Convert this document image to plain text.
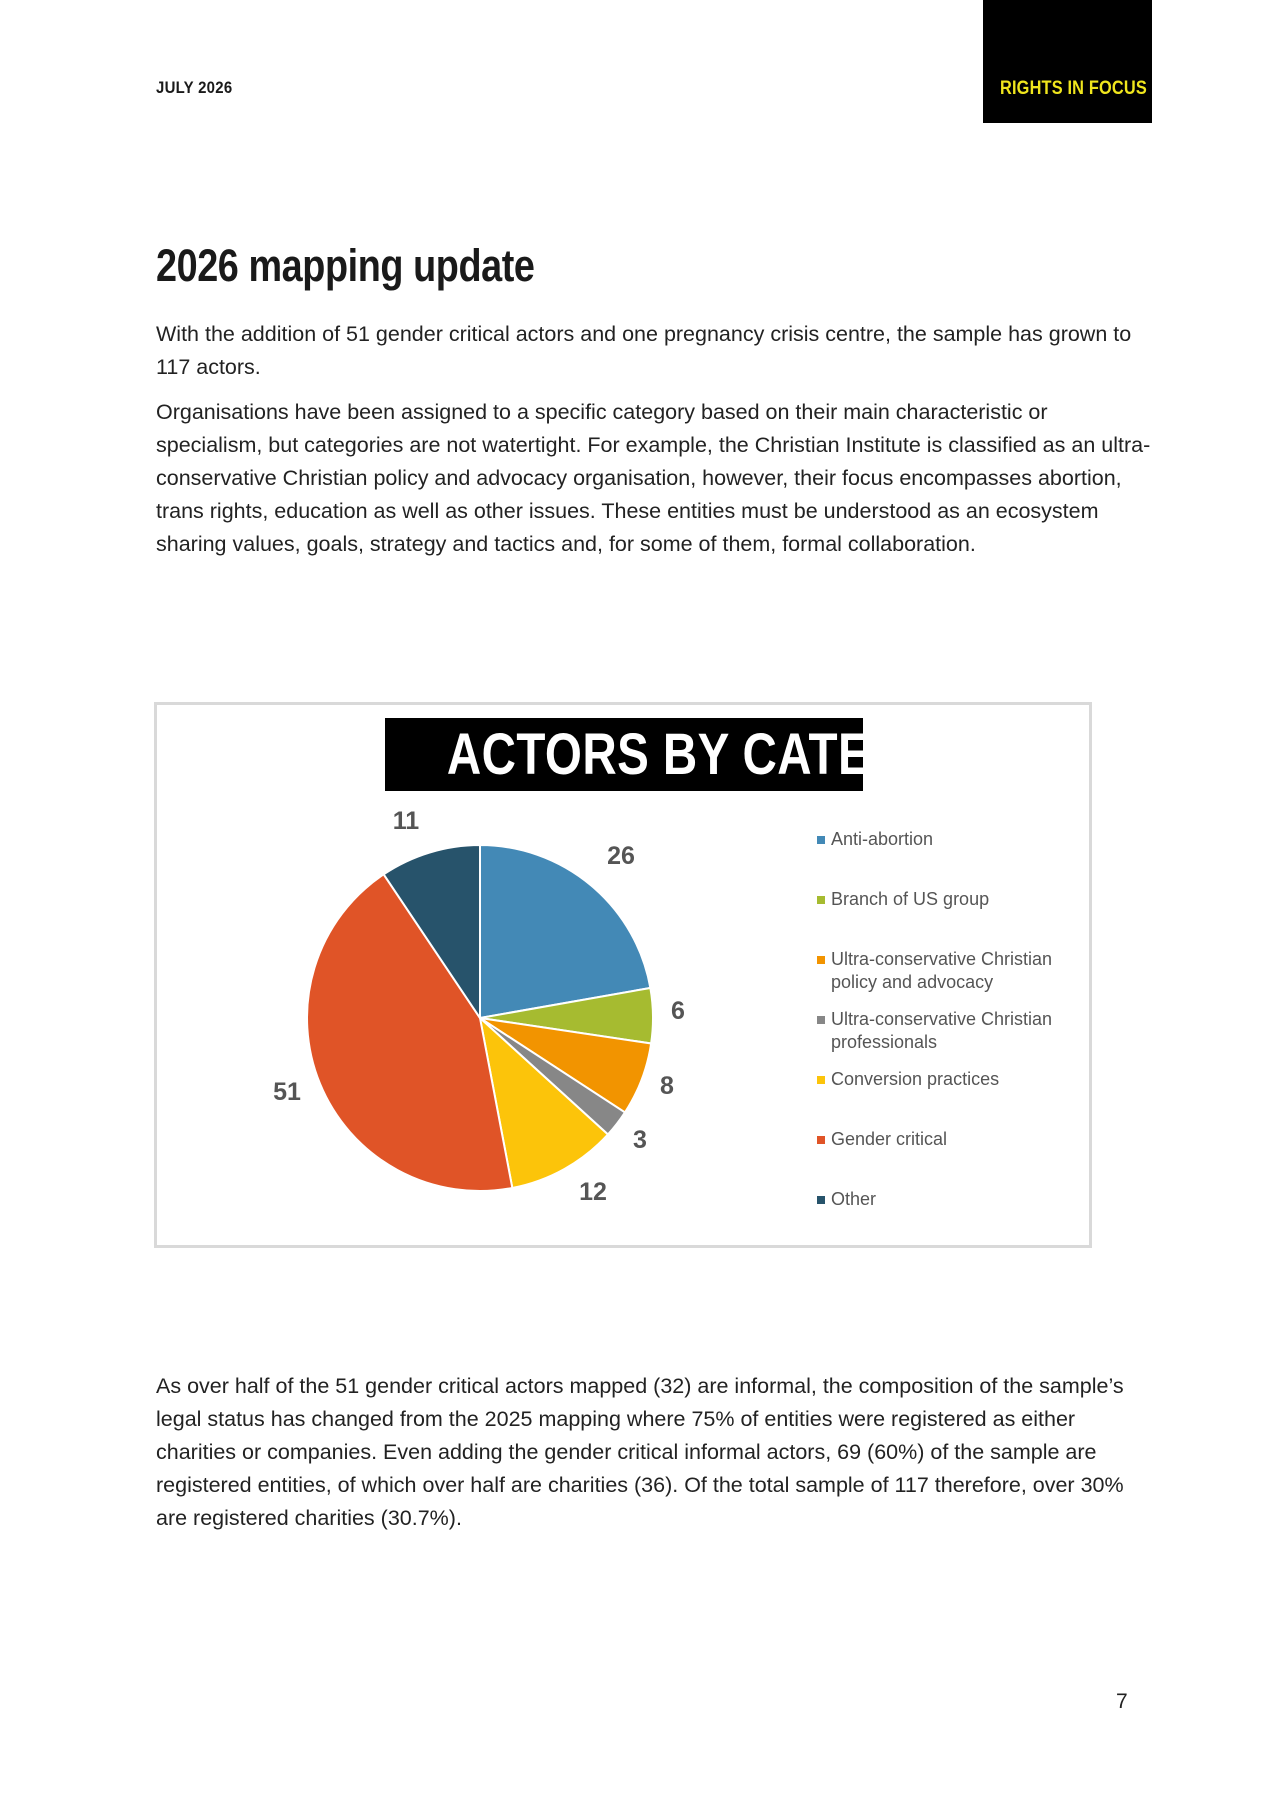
JULY 2026	RIGHTS IN FOCUS
2026 mapping update

With the addition of 51 gender critical actors and one pregnancy crisis centre, the sample has grown to 117 actors.

Organisations have been assigned to a specific category based on their main characteristic or specialism, but categories are not watertight. For example, the Christian Institute is classified as an ultra-conservative Christian policy and advocacy organisation, however, their focus encompasses abortion, trans rights, education as well as other issues. These entities must be understood as an ecosystem sharing values, goals, strategy and tactics and, for some of them, formal collaboration.

ACTORS BY CATEGORY
26
6
8
3
12
51
11
Anti-abortion
Branch of US group
Ultra-conservative Christian policy and advocacy
Ultra-conservative Christian professionals
Conversion practices
Gender critical
Other

As over half of the 51 gender critical actors mapped (32) are informal, the composition of the sample’s legal status has changed from the 2025 mapping where 75% of entities were registered as either charities or companies. Even adding the gender critical informal actors, 69 (60%) of the sample are registered entities, of which over half are charities (36). Of the total sample of 117 therefore, over 30% are registered charities (30.7%).

7
